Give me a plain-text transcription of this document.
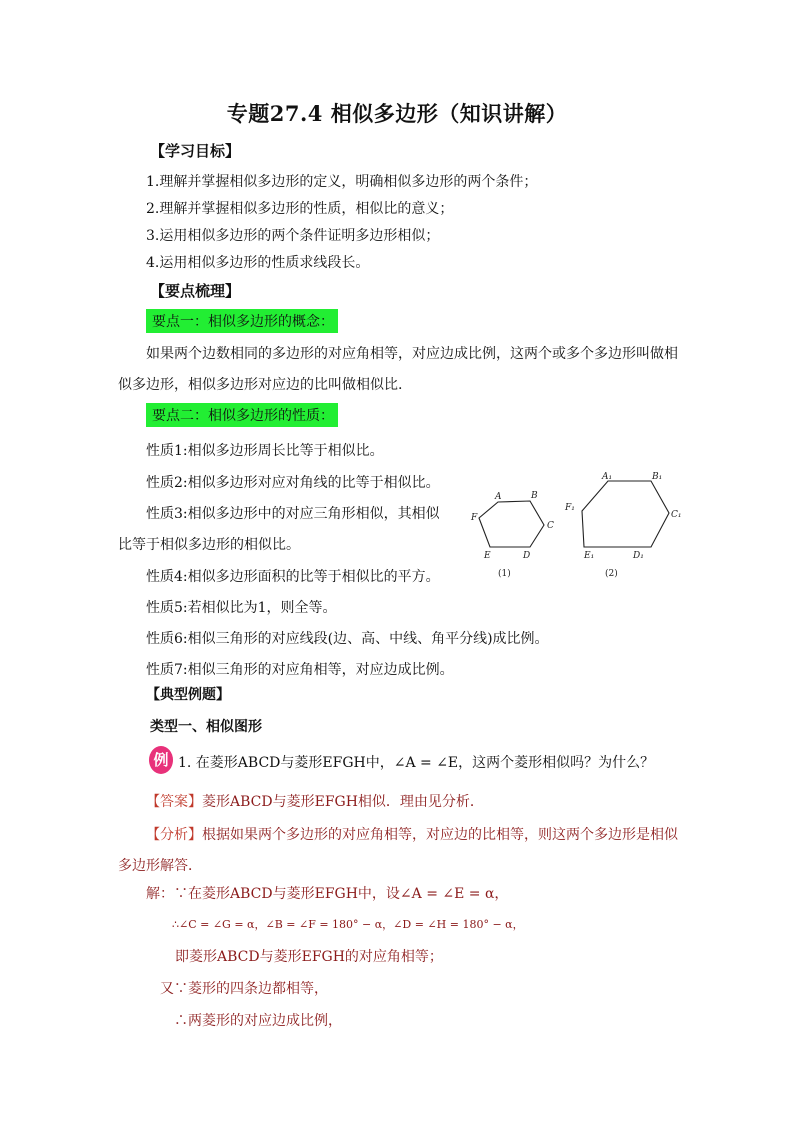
专题27.4 相似多边形（知识讲解）
【学习目标】
1.理解并掌握相似多边形的定义，明确相似多边形的两个条件；
2.理解并掌握相似多边形的性质，相似比的意义；
3.运用相似多边形的两个条件证明多边形相似；
4.运用相似多边形的性质求线段长。
【要点梳理】
要点一：相似多边形的概念：
如果两个边数相同的多边形的对应角相等，对应边成比例，这两个或多个多边形叫做相似多边形，相似多边形对应边的比叫做相似比.
要点二：相似多边形的性质：
性质1:相似多边形周长比等于相似比。
性质2:相似多边形对应对角线的比等于相似比。
性质3:相似多边形中的对应三角形相似，其相似
比等于相似多边形的相似比。
性质4:相似多边形面积的比等于相似比的平方。
性质5:若相似比为1，则全等。
性质6:相似三角形的对应线段(边、高、中线、角平分线)成比例。
性质7:相似三角形的对应角相等，对应边成比例。
A	B
C
D
E
F
A₁	B₁
C₁
D₁
E₁
F₁
(1)	(2)
【典型例题】
类型一、相似图形
例 1. 在菱形ABCD与菱形EFGH中，∠A = ∠E，这两个菱形相似吗？为什么？
【答案】菱形ABCD与菱形EFGH相似．理由见分析．
【分析】根据如果两个多边形的对应角相等，对应边的比相等，则这两个多边形是相似多边形解答．
解：∵在菱形ABCD与菱形EFGH中，设∠A = ∠E = α，
∴∠C = ∠G = α，∠B = ∠F = 180° − α，∠D = ∠H = 180° − α，
即菱形ABCD与菱形EFGH的对应角相等；
又∵菱形的四条边都相等，
∴两菱形的对应边成比例，
